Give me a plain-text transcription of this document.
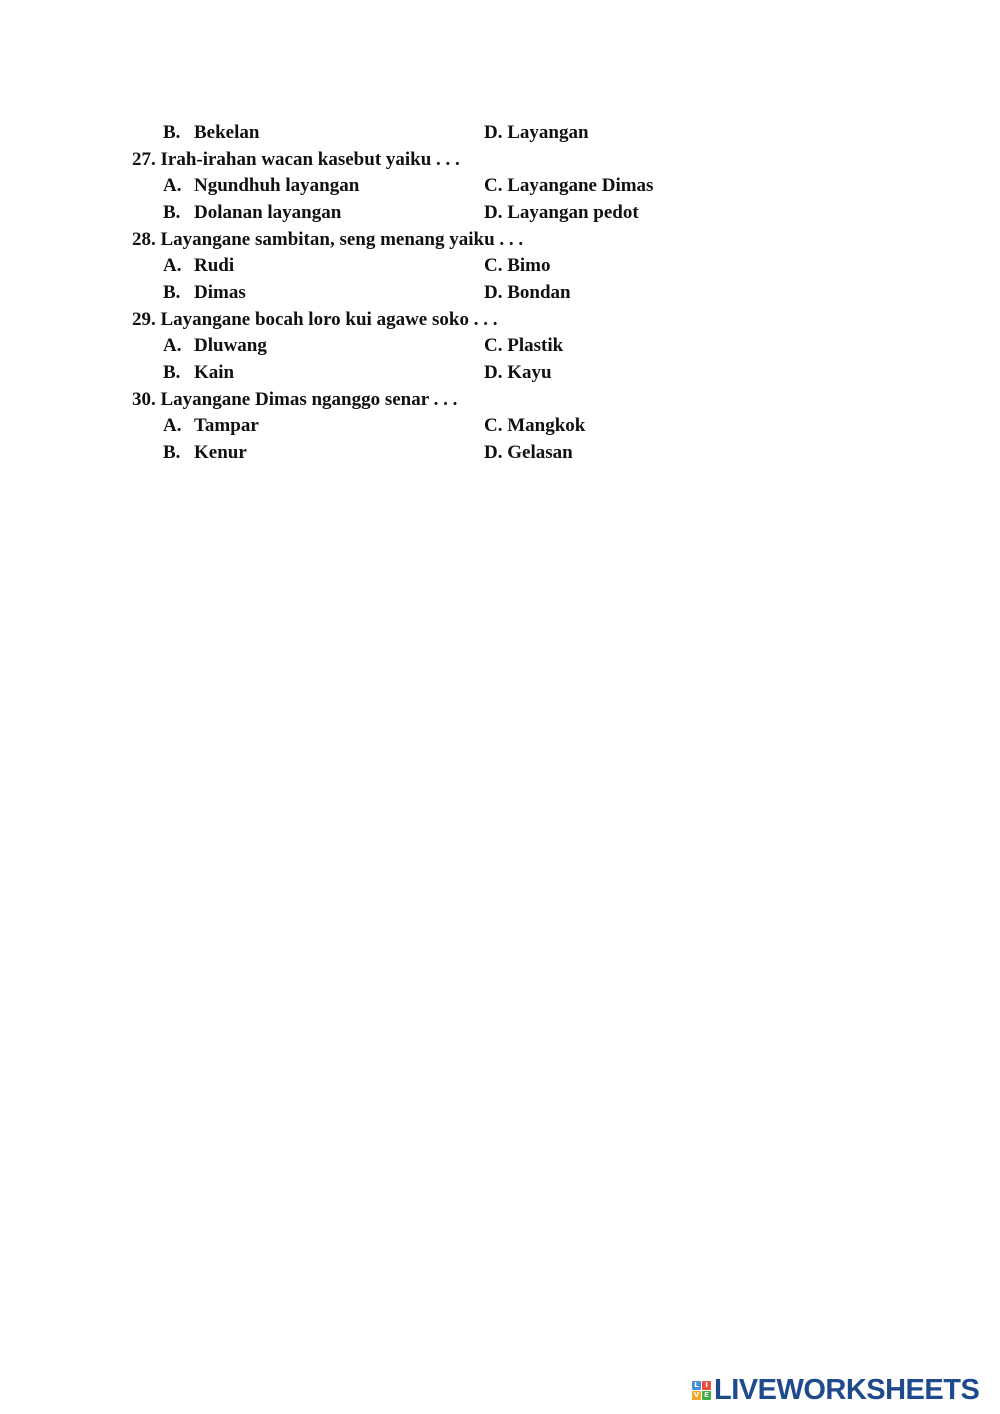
B. Bekelan	D. Layangan
27. Irah-irahan wacan kasebut yaiku . . .
A. Ngundhuh layangan	C. Layangane Dimas
B. Dolanan layangan	D. Layangan pedot
28. Layangane sambitan, seng menang yaiku . . .
A. Rudi	C. Bimo
B. Dimas	D. Bondan
29. Layangane bocah loro kui agawe soko . . .
A. Dluwang	C. Plastik
B. Kain	D. Kayu
30. Layangane Dimas nganggo senar . . .
A. Tampar	C. Mangkok
B. Kenur	D. Gelasan
L I
V E LIVEWORKSHEETS
